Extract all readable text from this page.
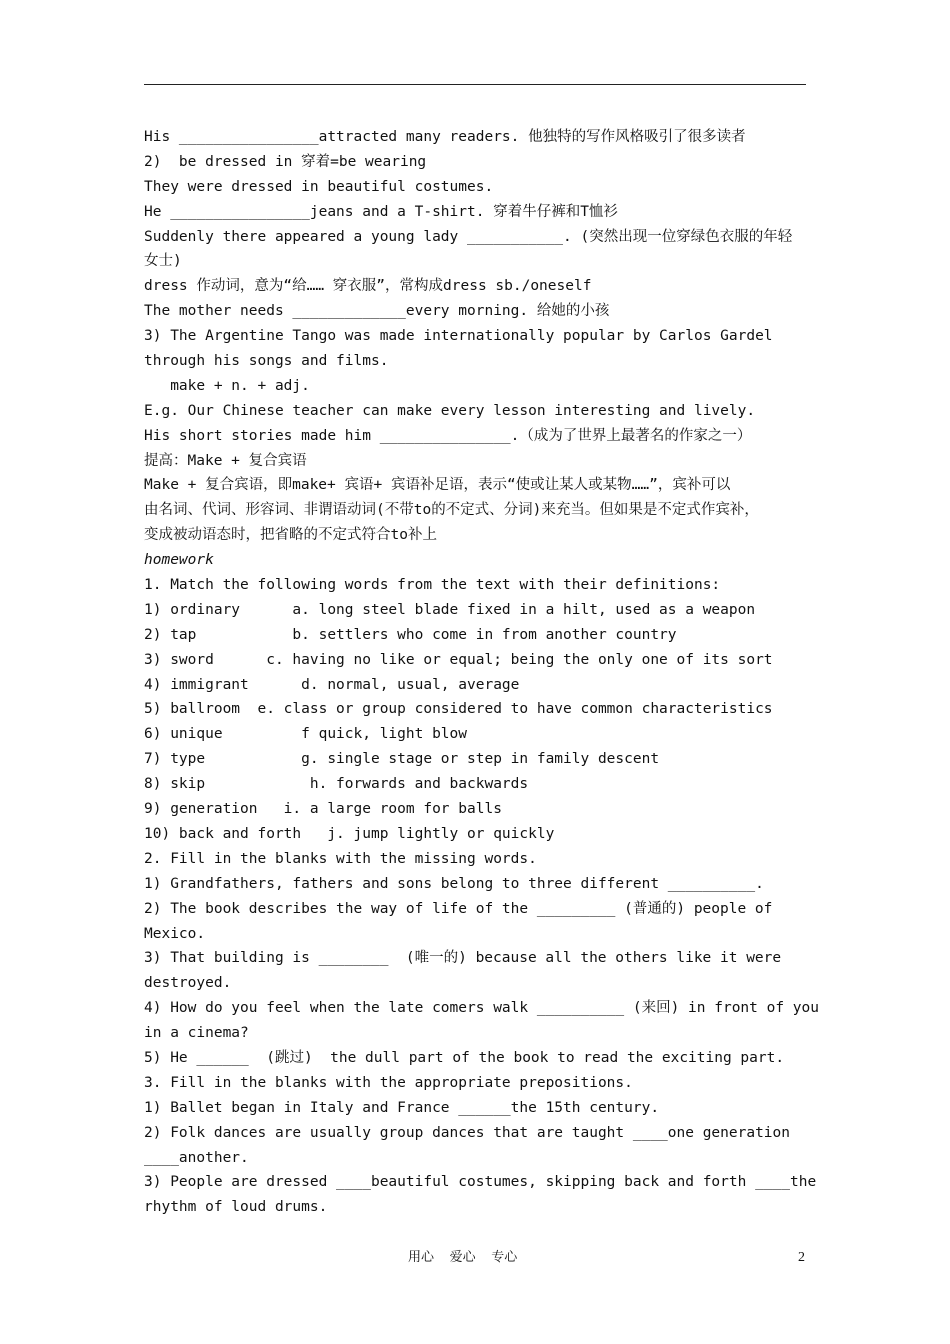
His ________________attracted many readers. 他独特的写作风格吸引了很多读者
2)  be dressed in 穿着=be wearing
They were dressed in beautiful costumes.
He ________________jeans and a T-shirt. 穿着牛仔裤和T恤衫
Suddenly there appeared a young lady ___________. (突然出现一位穿绿色衣服的年轻
女士)
dress 作动词，意为“给…… 穿衣服”，常构成dress sb./oneself
The mother needs _____________every morning. 给她的小孩
3) The Argentine Tango was made internationally popular by Carlos Gardel
through his songs and films.
make + n. + adj.
E.g. Our Chinese teacher can make every lesson interesting and lively.
His short stories made him _______________.（成为了世界上最著名的作家之一）
提高：Make + 复合宾语
Make + 复合宾语，即make+ 宾语+ 宾语补足语，表示“使或让某人或某物……”，宾补可以
由名词、代词、形容词、非谓语动词(不带to的不定式、分词)来充当。但如果是不定式作宾补，
变成被动语态时，把省略的不定式符合to补上
homework
1. Match the following words from the text with their definitions:
1) ordinary      a. long steel blade fixed in a hilt, used as a weapon
2) tap           b. settlers who come in from another country
3) sword      c. having no like or equal; being the only one of its sort
4) immigrant      d. normal, usual, average
5) ballroom  e. class or group considered to have common characteristics
6) unique         f quick, light blow
7) type           g. single stage or step in family descent
8) skip            h. forwards and backwards
9) generation   i. a large room for balls
10) back and forth   j. jump lightly or quickly
2. Fill in the blanks with the missing words.
1) Grandfathers, fathers and sons belong to three different __________.
2) The book describes the way of life of the _________ (普通的) people of
Mexico.
3) That building is ________  (唯一的) because all the others like it were
destroyed.
4) How do you feel when the late comers walk __________ (来回) in front of you
in a cinema?
5) He ______  (跳过)  the dull part of the book to read the exciting part.
3. Fill in the blanks with the appropriate prepositions.
1) Ballet began in Italy and France ______the 15th century.
2) Folk dances are usually group dances that are taught ____one generation
____another.
3) People are dressed ____beautiful costumes, skipping back and forth ____the
rhythm of loud drums.
用心  爱心  专心	2
